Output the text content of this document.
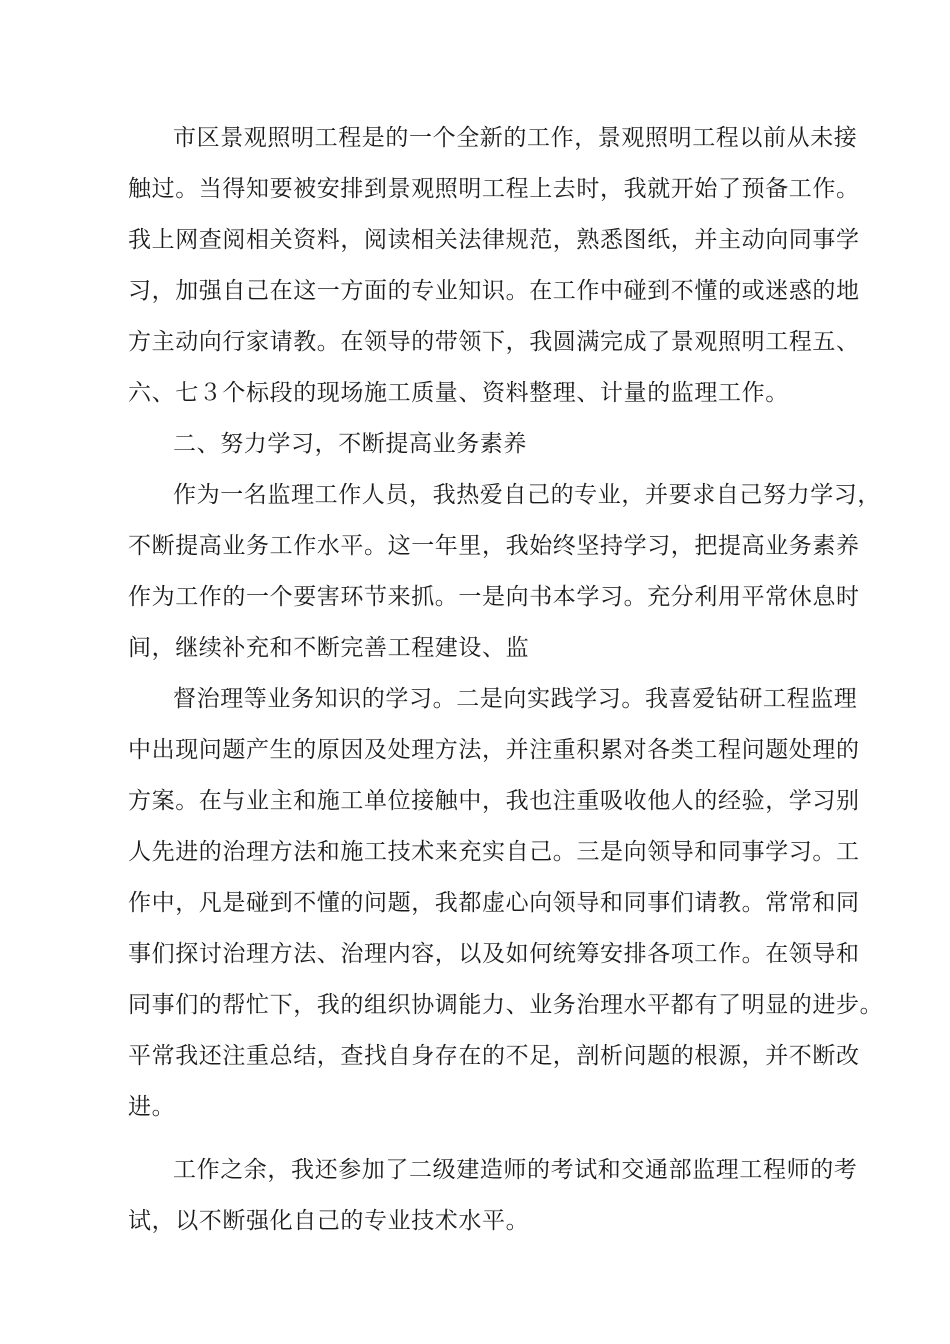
市区景观照明工程是的一个全新的工作，景观照明工程以前从未接
触过。当得知要被安排到景观照明工程上去时，我就开始了预备工作。
我上网查阅相关资料，阅读相关法律规范，熟悉图纸，并主动向同事学
习，加强自己在这一方面的专业知识。在工作中碰到不懂的或迷惑的地
方主动向行家请教。在领导的带领下，我圆满完成了景观照明工程五、
六、七３个标段的现场施工质量、资料整理、计量的监理工作。
二、努力学习，不断提高业务素养
作为一名监理工作人员，我热爱自己的专业，并要求自己努力学习，
不断提高业务工作水平。这一年里，我始终坚持学习，把提高业务素养
作为工作的一个要害环节来抓。一是向书本学习。充分利用平常休息时
间，继续补充和不断完善工程建设、监
督治理等业务知识的学习。二是向实践学习。我喜爱钻研工程监理
中出现问题产生的原因及处理方法，并注重积累对各类工程问题处理的
方案。在与业主和施工单位接触中，我也注重吸收他人的经验，学习别
人先进的治理方法和施工技术来充实自己。三是向领导和同事学习。工
作中，凡是碰到不懂的问题，我都虚心向领导和同事们请教。常常和同
事们探讨治理方法、治理内容，以及如何统筹安排各项工作。在领导和
同事们的帮忙下，我的组织协调能力、业务治理水平都有了明显的进步。
平常我还注重总结，查找自身存在的不足，剖析问题的根源，并不断改
进。
工作之余，我还参加了二级建造师的考试和交通部监理工程师的考
试，以不断强化自己的专业技术水平。
